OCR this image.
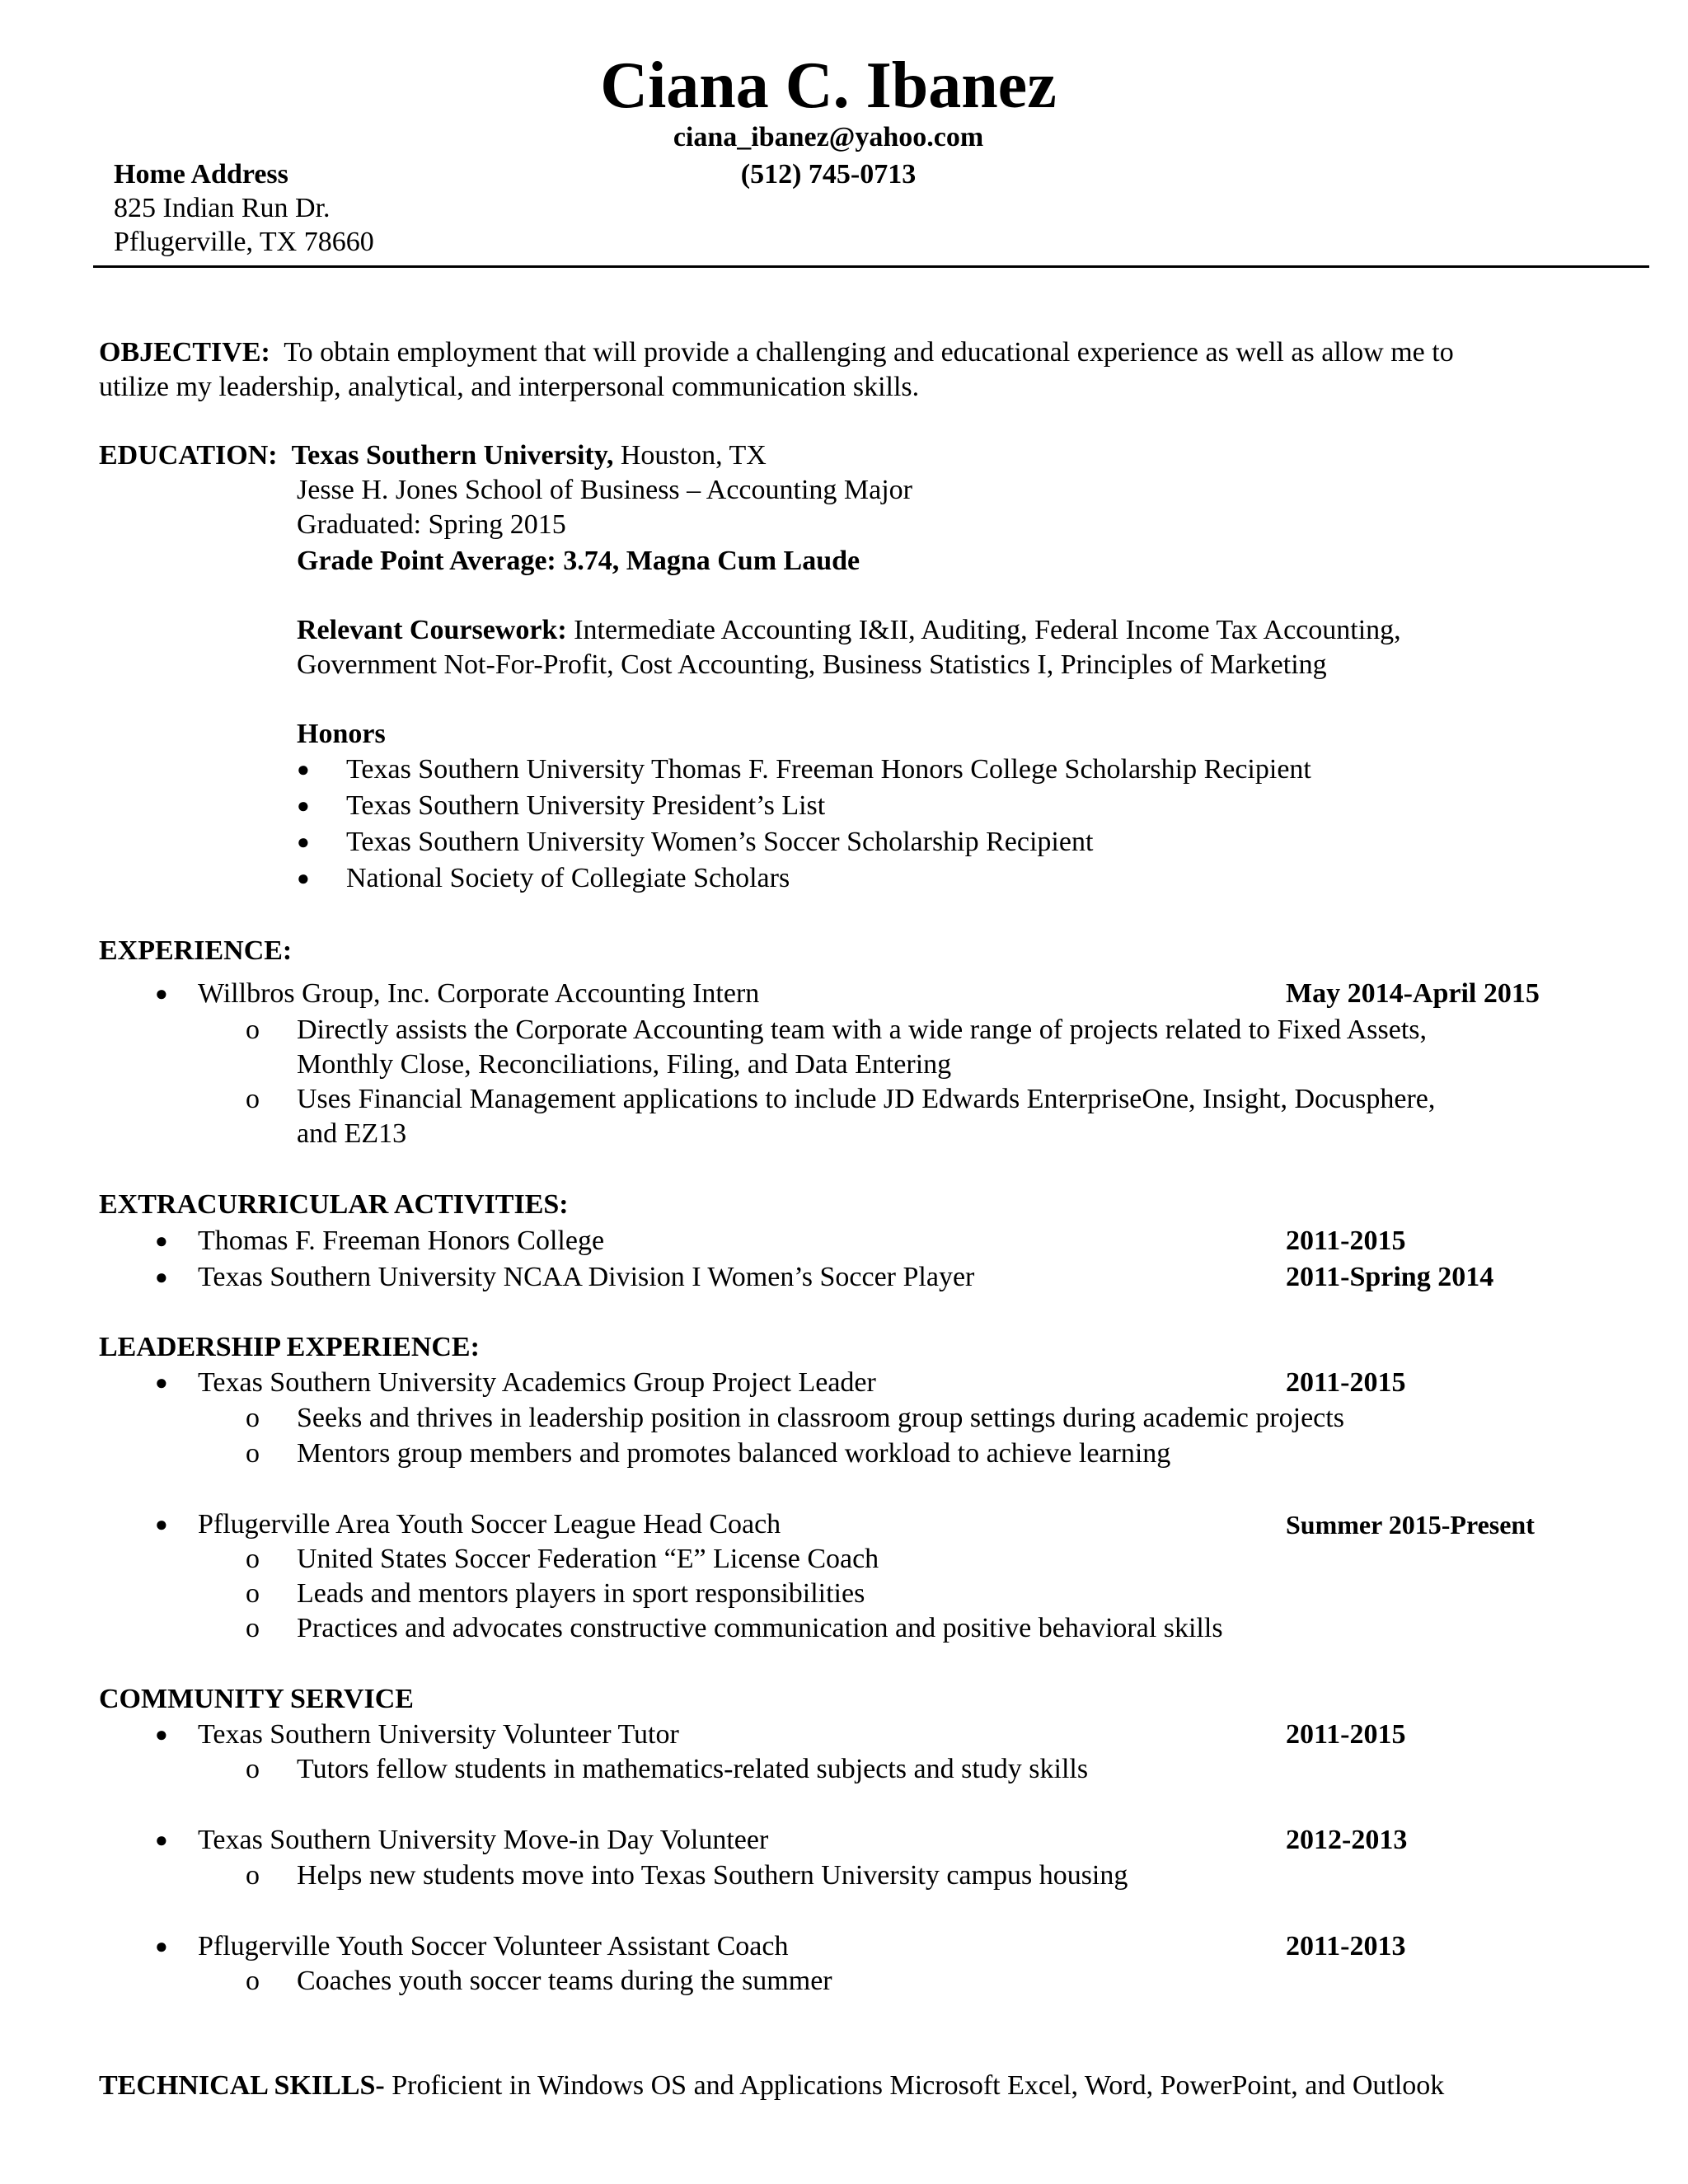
Ciana C. Ibanez
ciana_ibanez@yahoo.com
(512) 745-0713
Home Address
825 Indian Run Dr.
Pflugerville, TX 78660
OBJECTIVE: To obtain employment that will provide a challenging and educational experience as well as allow me to
utilize my leadership, analytical, and interpersonal communication skills.
EDUCATION: Texas Southern University, Houston, TX
Jesse H. Jones School of Business – Accounting Major
Graduated: Spring 2015
Grade Point Average: 3.74, Magna Cum Laude
Relevant Coursework: Intermediate Accounting I&II, Auditing, Federal Income Tax Accounting,
Government Not-For-Profit, Cost Accounting, Business Statistics I, Principles of Marketing
Honors
● Texas Southern University Thomas F. Freeman Honors College Scholarship Recipient
● Texas Southern University President’s List
● Texas Southern University Women’s Soccer Scholarship Recipient
● National Society of Collegiate Scholars
EXPERIENCE:
● Willbros Group, Inc. Corporate Accounting Intern	May 2014-April 2015
o Directly assists the Corporate Accounting team with a wide range of projects related to Fixed Assets,
Monthly Close, Reconciliations, Filing, and Data Entering
o Uses Financial Management applications to include JD Edwards EnterpriseOne, Insight, Docusphere,
and EZ13
EXTRACURRICULAR ACTIVITIES:
● Thomas F. Freeman Honors College	2011-2015
● Texas Southern University NCAA Division I Women’s Soccer Player	2011-Spring 2014
LEADERSHIP EXPERIENCE:
● Texas Southern University Academics Group Project Leader	2011-2015
o Seeks and thrives in leadership position in classroom group settings during academic projects
o Mentors group members and promotes balanced workload to achieve learning
● Pflugerville Area Youth Soccer League Head Coach	Summer 2015-Present
o United States Soccer Federation “E” License Coach
o Leads and mentors players in sport responsibilities
o Practices and advocates constructive communication and positive behavioral skills
COMMUNITY SERVICE
● Texas Southern University Volunteer Tutor	2011-2015
o Tutors fellow students in mathematics-related subjects and study skills
● Texas Southern University Move-in Day Volunteer	2012-2013
o Helps new students move into Texas Southern University campus housing
● Pflugerville Youth Soccer Volunteer Assistant Coach	2011-2013
o Coaches youth soccer teams during the summer
TECHNICAL SKILLS- Proficient in Windows OS and Applications Microsoft Excel, Word, PowerPoint, and Outlook
